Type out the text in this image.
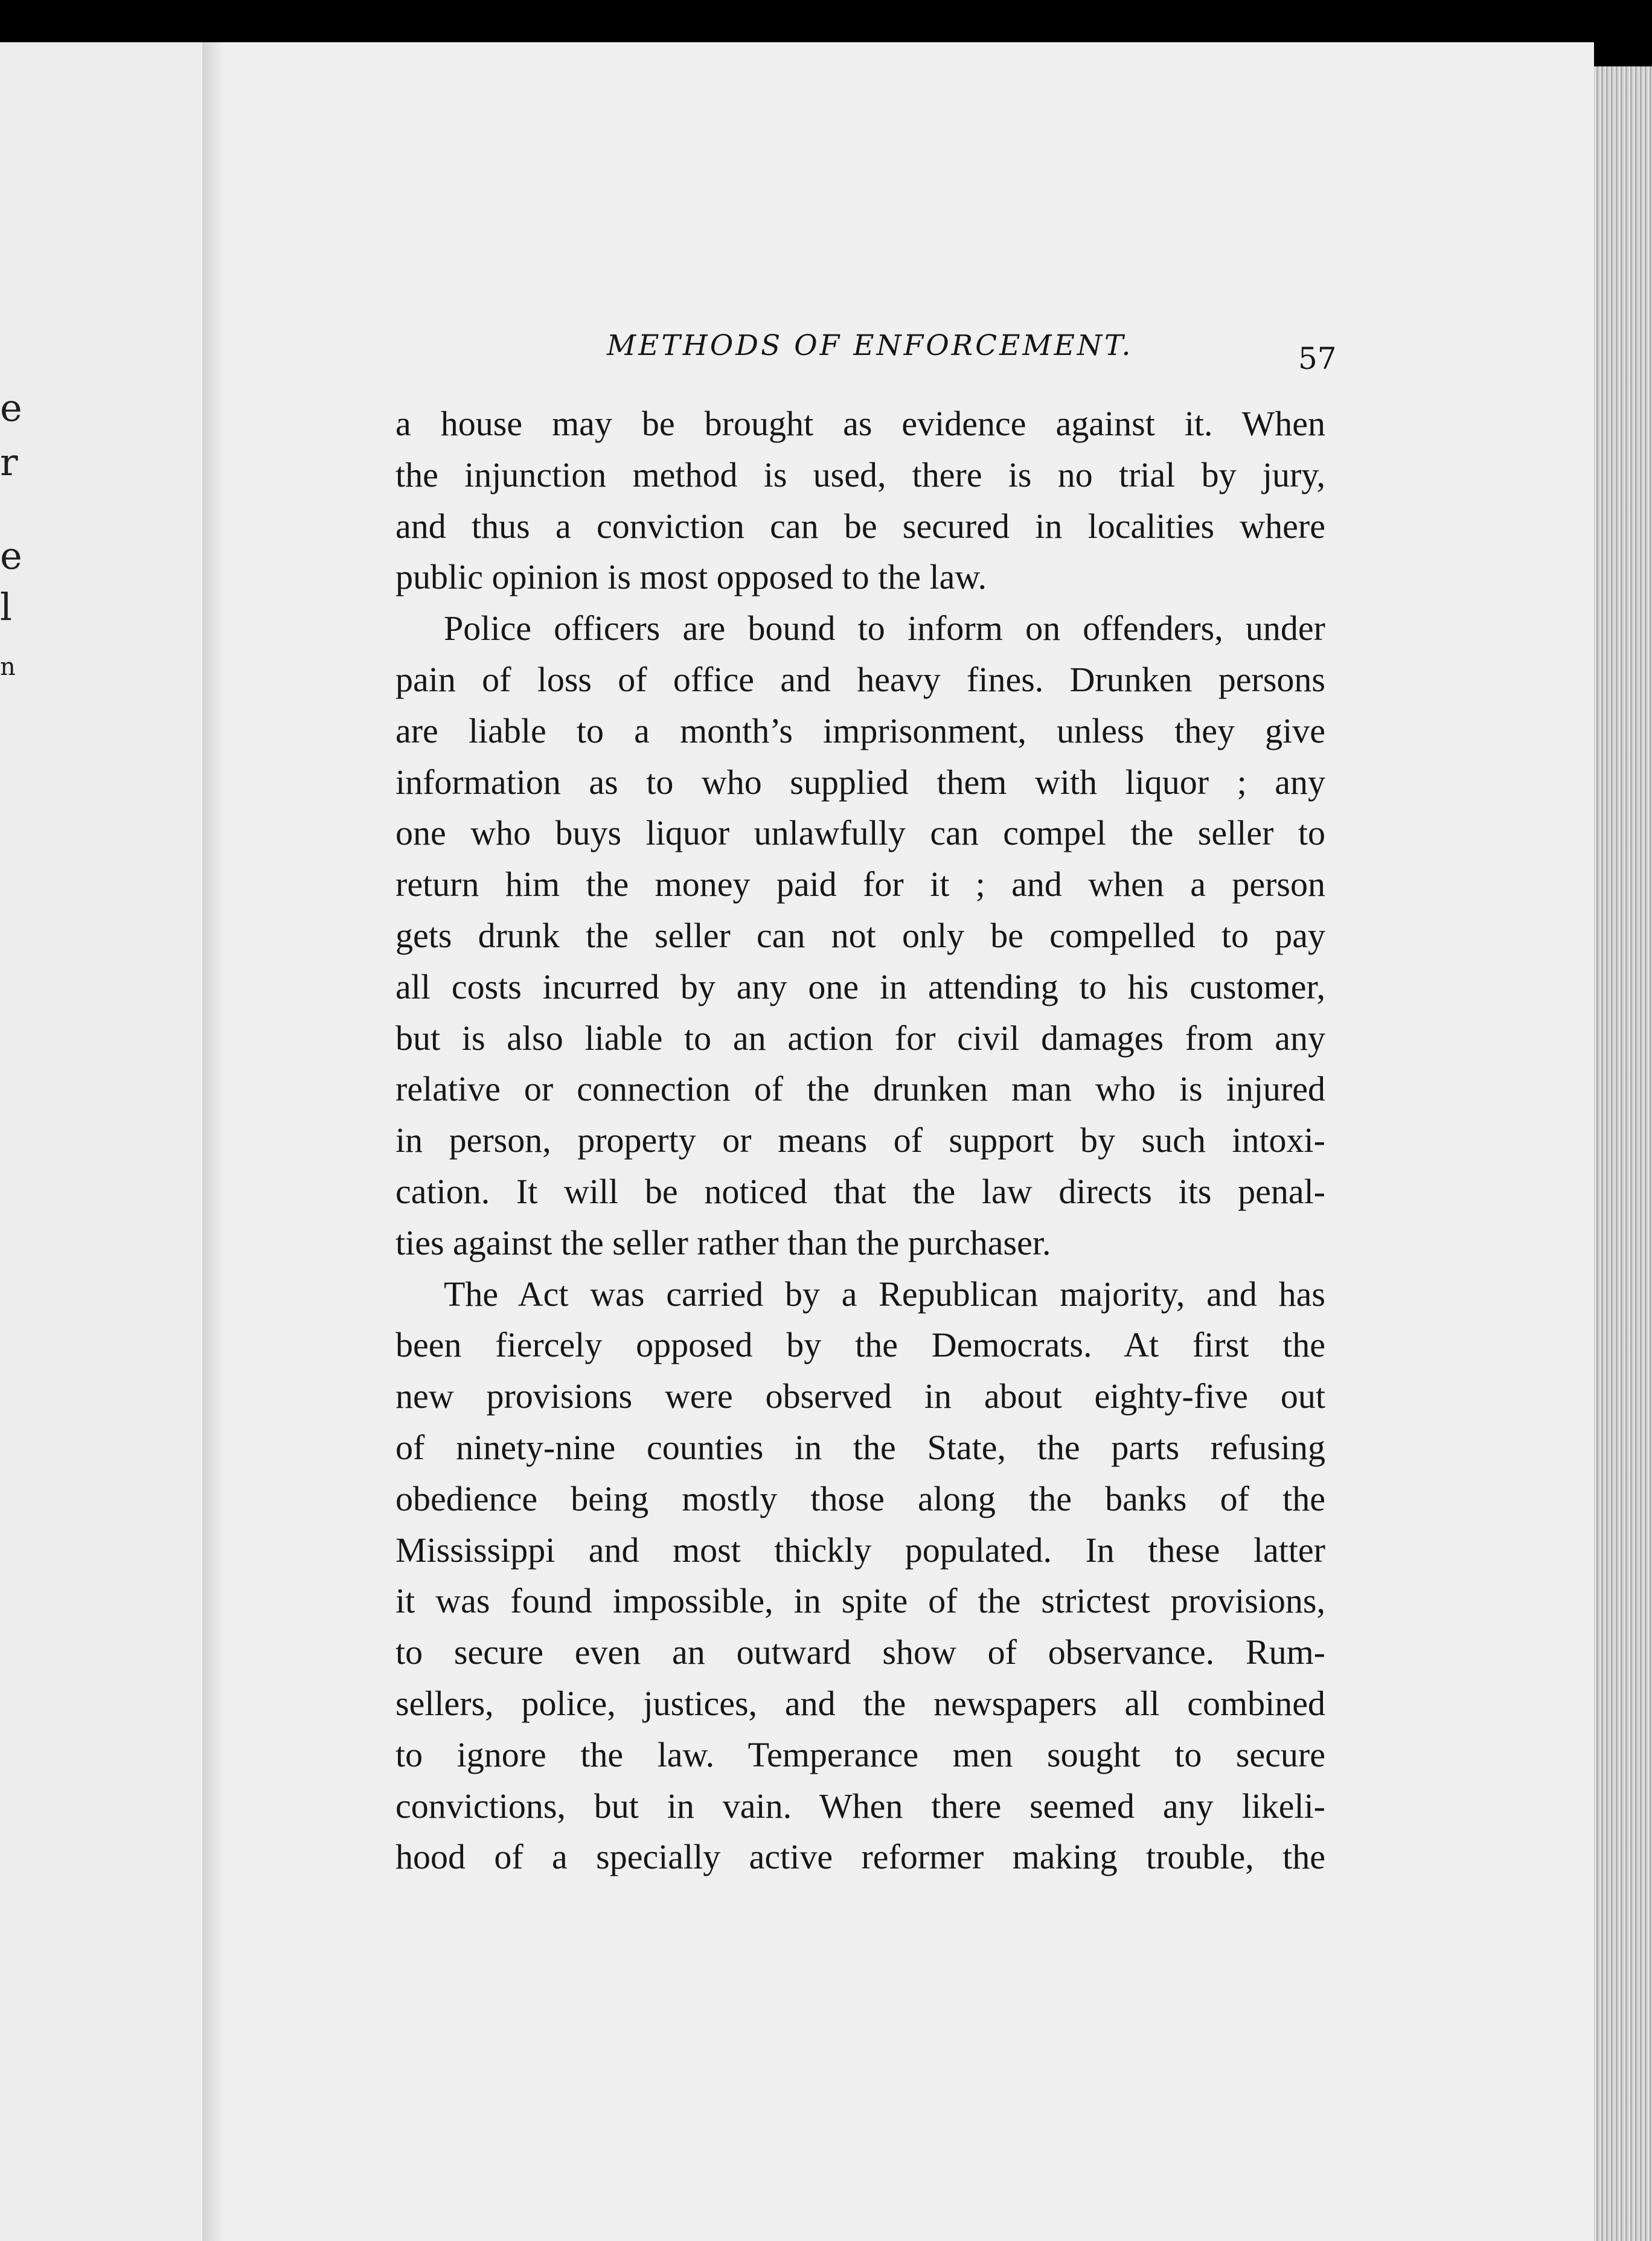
e
r
e
l
n
METHODS OF ENFORCEMENT.	57
a house may be brought as evidence against it. When
the injunction method is used, there is no trial by jury,
and thus a conviction can be secured in localities where
public opinion is most opposed to the law.
Police officers are bound to inform on offenders, under
pain of loss of office and heavy fines. Drunken persons
are liable to a month’s imprisonment, unless they give
information as to who supplied them with liquor ; any
one who buys liquor unlawfully can compel the seller to
return him the money paid for it ; and when a person
gets drunk the seller can not only be compelled to pay
all costs incurred by any one in attending to his customer,
but is also liable to an action for civil damages from any
relative or connection of the drunken man who is injured
in person, property or means of support by such intoxi-
cation. It will be noticed that the law directs its penal-
ties against the seller rather than the purchaser.
The Act was carried by a Republican majority, and has
been fiercely opposed by the Democrats. At first the
new provisions were observed in about eighty-five out
of ninety-nine counties in the State, the parts refusing
obedience being mostly those along the banks of the
Mississippi and most thickly populated. In these latter
it was found impossible, in spite of the strictest provisions,
to secure even an outward show of observance. Rum-
sellers, police, justices, and the newspapers all combined
to ignore the law. Temperance men sought to secure
convictions, but in vain. When there seemed any likeli-
hood of a specially active reformer making trouble, the
